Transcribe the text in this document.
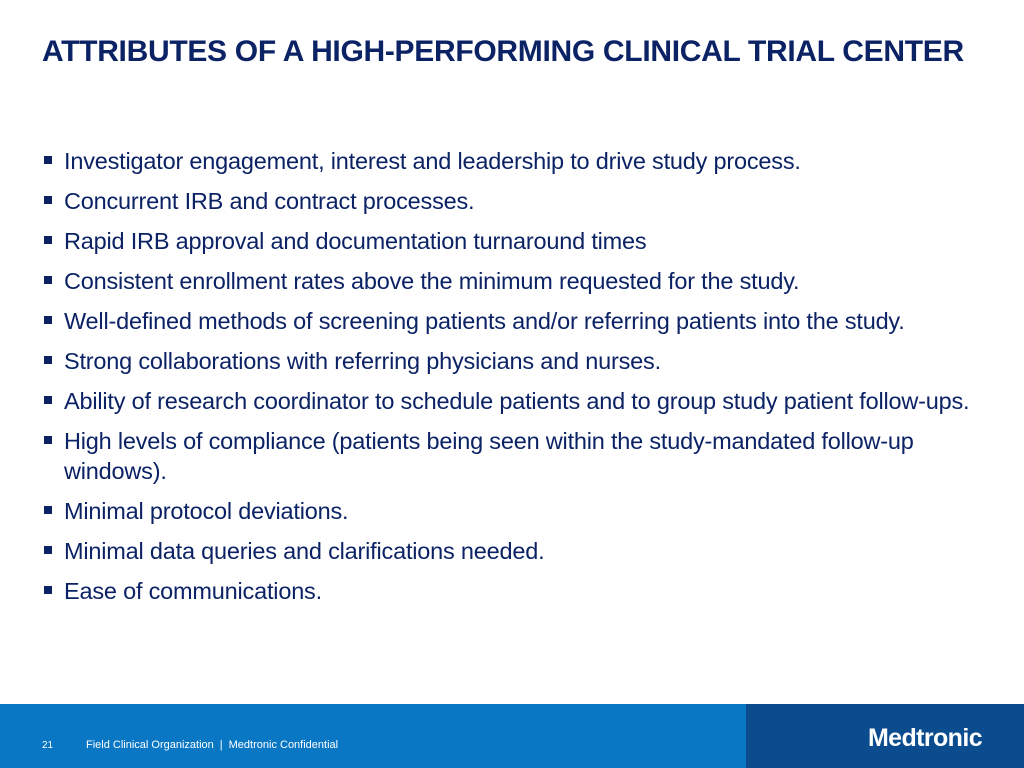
ATTRIBUTES OF A HIGH-PERFORMING CLINICAL TRIAL CENTER
Investigator engagement, interest and leadership to drive study process.
Concurrent IRB and contract processes.
Rapid IRB approval and documentation turnaround times
Consistent enrollment rates above the minimum requested for the study.
Well-defined methods of screening patients and/or referring patients into the study.
Strong collaborations with referring physicians and nurses.
Ability of research coordinator to schedule patients and to group study patient follow-ups.
High levels of compliance (patients being seen within the study-mandated follow-up windows).
Minimal protocol deviations.
Minimal data queries and clarifications needed.
Ease of communications.
21	Field Clinical Organization | Medtronic Confidential	Medtronic
